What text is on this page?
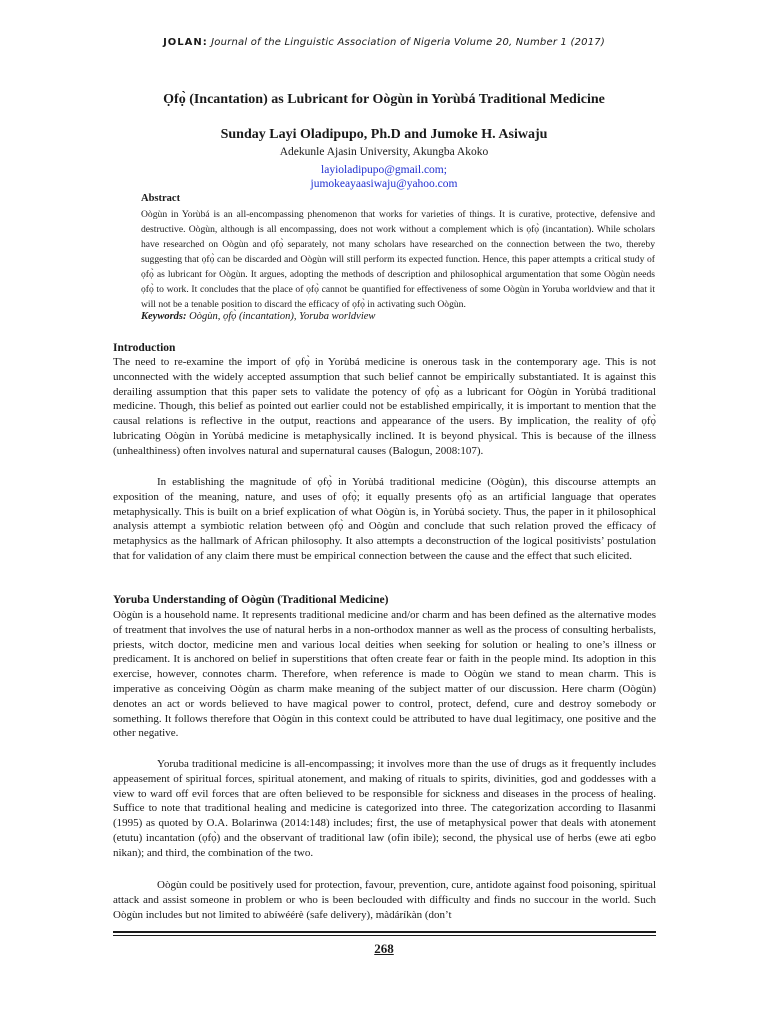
JOLAN: Journal of the Linguistic Association of Nigeria Volume 20, Number 1 (2017)
Ọfọ̀ (Incantation) as Lubricant for Oògùn in Yorùbá Traditional Medicine
Sunday Layi Oladipupo, Ph.D and Jumoke H. Asiwaju
Adekunle Ajasin University, Akungba Akoko
layioladipupo@gmail.com;
jumokeayaasiwaju@yahoo.com
Abstract
Oògùn in Yorùbá is an all-encompassing phenomenon that works for varieties of things. It is curative, protective, defensive and destructive. Oògùn, although is all encompassing, does not work without a complement which is ọfọ̀ (incantation). While scholars have researched on Oògùn and ọfọ̀ separately, not many scholars have researched on the connection between the two, thereby suggesting that ọfọ̀ can be discarded and Oògùn will still perform its expected function. Hence, this paper attempts a critical study of ọfọ̀ as lubricant for Oògùn. It argues, adopting the methods of description and philosophical argumentation that some Oògùn needs ọfọ̀ to work. It concludes that the place of ọfọ̀ cannot be quantified for effectiveness of some Oògùn in Yoruba worldview and that it will not be a tenable position to discard the efficacy of ọfọ̀ in activating such Oògùn.
Keywords: Oògùn, ọfọ̀ (incantation), Yoruba worldview
Introduction

The need to re-examine the import of ọfọ̀ in Yorùbá medicine is onerous task in the contemporary age. This is not unconnected with the widely accepted assumption that such belief cannot be empirically substantiated. It is against this derailing assumption that this paper sets to validate the potency of ọfọ̀ as a lubricant for Oògùn in Yorùbá traditional medicine. Though, this belief as pointed out earlier could not be established empirically, it is important to mention that the causal relations is reflective in the output, reactions and appearance of the users. By implication, the reality of ọfọ̀ lubricating Oògùn in Yorùbá medicine is metaphysically inclined. It is beyond physical. This is because of the illness (unhealthiness) often involves natural and supernatural causes (Balogun, 2008:107).

In establishing the magnitude of ọfọ̀ in Yorùbá traditional medicine (Oògùn), this discourse attempts an exposition of the meaning, nature, and uses of ọfọ̀; it equally presents ọfọ̀ as an artificial language that operates metaphysically. This is built on a brief explication of what Oògùn is, in Yorùbá society. Thus, the paper in it philosophical analysis attempt a symbiotic relation between ọfọ̀ and Oògùn and conclude that such relation proved the efficacy of metaphysics as the hallmark of African philosophy. It also attempts a deconstruction of the logical positivists’ postulation that for validation of any claim there must be empirical connection between the cause and the effect that such elicited.

Yoruba Understanding of Oògùn (Traditional Medicine)

Oògùn is a household name. It represents traditional medicine and/or charm and has been defined as the alternative modes of treatment that involves the use of natural herbs in a non-orthodox manner as well as the process of consulting herbalists, priests, witch doctor, medicine men and various local deities when seeking for solution or healing to one’s illness or predicament. It is anchored on belief in superstitions that often create fear or faith in the people mind. Its adoption in this exercise, however, connotes charm. Therefore, when reference is made to Oògùn we stand to mean charm. This is imperative as conceiving Oògùn as charm make meaning of the subject matter of our discussion. Here charm (Oògùn) denotes an act or words believed to have magical power to control, protect, defend, cure and destroy somebody or something. It follows therefore that Oògùn in this context could be attributed to have dual legitimacy, one positive and the other negative.

Yoruba traditional medicine is all-encompassing; it involves more than the use of drugs as it frequently includes appeasement of spiritual forces, spiritual atonement, and making of rituals to spirits, divinities, god and goddesses with a view to ward off evil forces that are often believed to be responsible for sickness and diseases in the process of healing. Suffice to note that traditional healing and medicine is categorized into three. The categorization according to Ilasanmi (1995) as quoted by O.A. Bolarinwa (2014:148) includes; first, the use of metaphysical power that deals with atonement (etutu) incantation (ọfọ̀) and the observant of traditional law (ofin ibile); second, the physical use of herbs (ewe ati egbo nikan); and third, the combination of the two.

Oògùn could be positively used for protection, favour, prevention, cure, antidote against food poisoning, spiritual attack and assist someone in problem or who is been beclouded with difficulty and finds no succour in the world. Such Oògùn includes but not limited to abíwéérè (safe delivery), màdáríkàn (don’t

268
